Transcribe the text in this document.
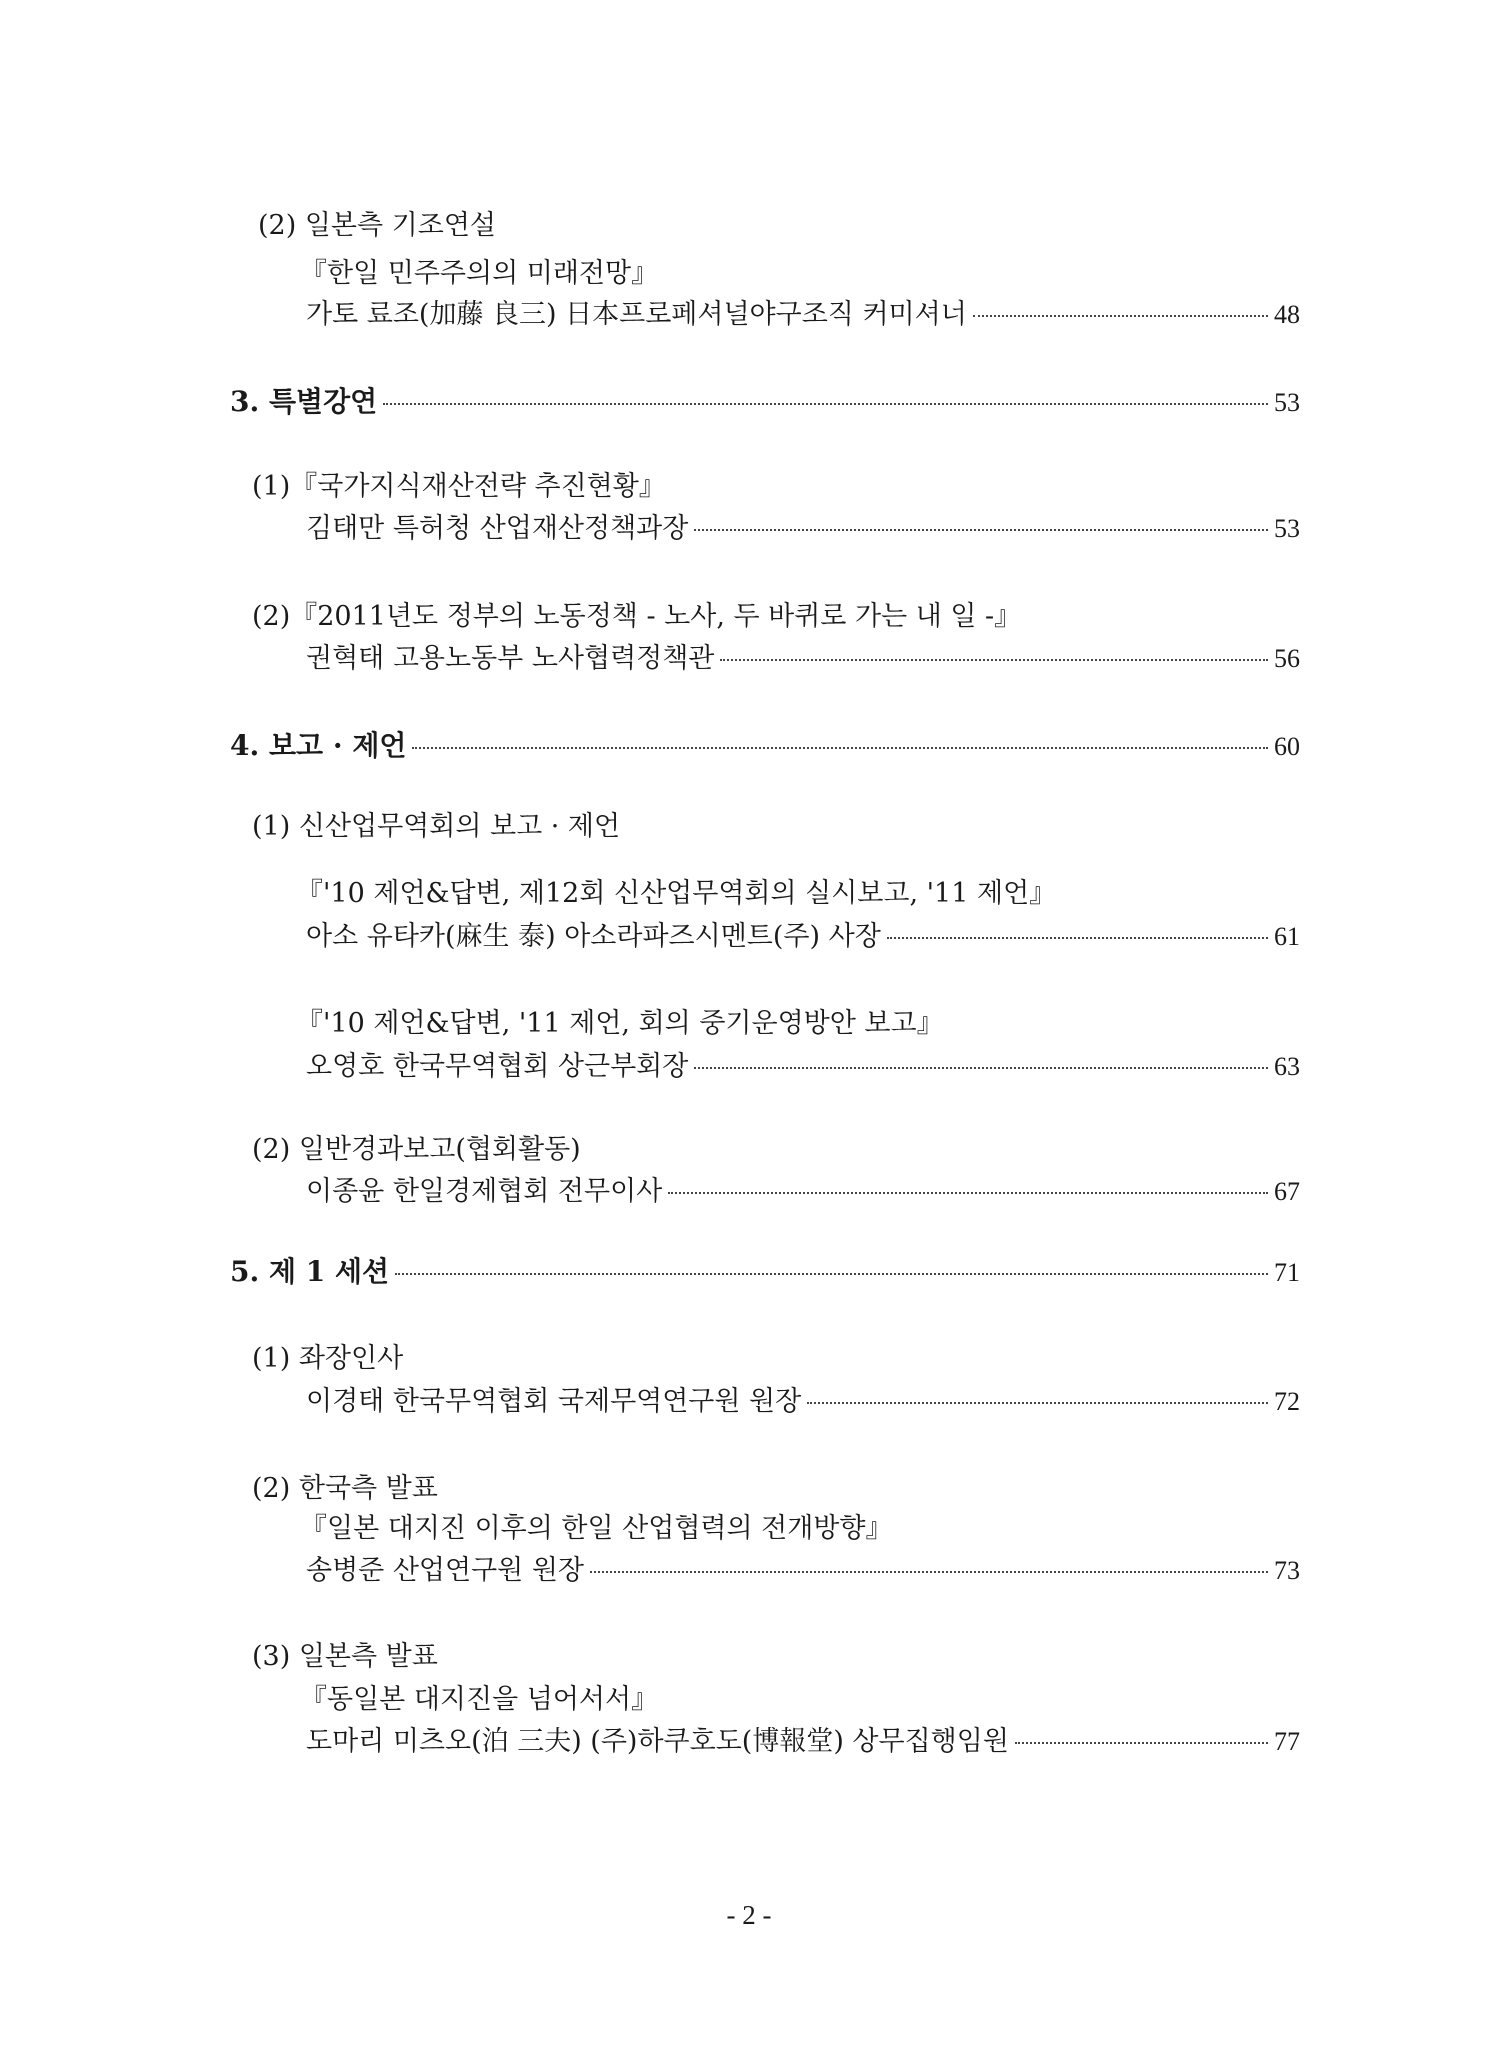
(2) 일본측 기조연설
『한일 민주주의의 미래전망』
가토 료조(加藤 良三) 日本프로페셔널야구조직 커미셔너	48
3. 특별강연	53
(1)『국가지식재산전략 추진현황』
김태만 특허청 산업재산정책과장	53
(2)『2011년도 정부의 노동정책 - 노사, 두 바퀴로 가는 내 일 -』
권혁태 고용노동부 노사협력정책관	56
4. 보고 · 제언	60
(1) 신산업무역회의 보고 · 제언
『'10 제언&답변, 제12회 신산업무역회의 실시보고, '11 제언』
아소 유타카(麻生 泰) 아소라파즈시멘트(주) 사장	61
『'10 제언&답변, '11 제언, 회의 중기운영방안 보고』
오영호 한국무역협회 상근부회장	63
(2) 일반경과보고(협회활동)
이종윤 한일경제협회 전무이사	67
5. 제 1 세션	71
(1) 좌장인사
이경태 한국무역협회 국제무역연구원 원장	72
(2) 한국측 발표
『일본 대지진 이후의 한일 산업협력의 전개방향』
송병준 산업연구원 원장	73
(3) 일본측 발표
『동일본 대지진을 넘어서서』
도마리 미츠오(泊 三夫) (주)하쿠호도(博報堂) 상무집행임원	77
- 2 -
